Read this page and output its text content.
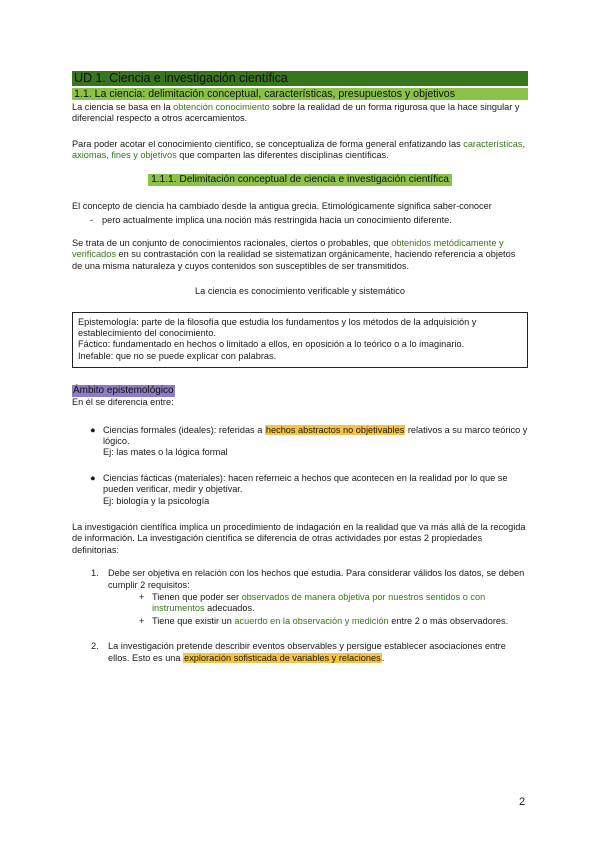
UD 1. Ciencia e investigación científica
1.1. La ciencia: delimitación conceptual, características, presupuestos y objetivos

La ciencia se basa en la obtención conocimiento sobre la realidad de un forma rigurosa que la hace singular y diferencial respecto a otros acercamientos.

Para poder acotar el conocimiento científico, se conceptualiza de forma general enfatizando las características, axiomas, fines y objetivos que comparten las diferentes disciplinas científicas.

1.1.1. Delimitación conceptual de ciencia e investigación científica

El concepto de ciencia ha cambiado desde la antigua grecia. Etimológicamente significa saber-conocer

- pero actualmente implica una noción más restringida hacia un conocimiento diferente.

Se trata de un conjunto de conocimientos racionales, ciertos o probables, que obtenidos metódicamente y verificados en su contrastación con la realidad se sistematizan orgánicamente, haciendo referencia a objetos de una misma naturaleza y cuyos contenidos son susceptibles de ser transmitidos.

La ciencia es conocimiento verificable y sistemático

Epistemología: parte de la filosofía que estudia los fundamentos y los métodos de la adquisición y establecimiento del conocimiento.

Fáctico: fundamentado en hechos o limitado a ellos, en oposición a lo teórico o a lo imaginario.

Inefable: que no se puede explicar con palabras.

Ámbito epistemológico

En él se diferencia entre:

● Ciencias formales (ideales): referidas a hechos abstractos no objetivables relativos a su marco teórico y lógico.

Ej: las mates o la lógica formal

● Ciencias fácticas (materiales): hacen referneic a hechos que acontecen en la realidad por lo que se pueden verificar, medir y objetivar.

Ej: biología y la psicología

La investigación científica implica un procedimiento de indagación en la realidad que va más allá de la recogida de información. La investigación científica se diferencia de otras actividades por estas 2 propiedades definitorias:

1. Debe ser objetiva en relación con los hechos que estudia. Para considerar válidos los datos, se deben cumplir 2 requisitos:

+ Tienen que poder ser observados de manera objetiva por nuestros sentidos o con instrumentos adecuados.
+ Tiene que existir un acuerdo en la observación y medición entre 2 o más observadores.
2. La investigación pretende describir eventos observables y persigue establecer asociaciones entre ellos. Esto es una exploración sofisticada de variables y relaciones.

2
